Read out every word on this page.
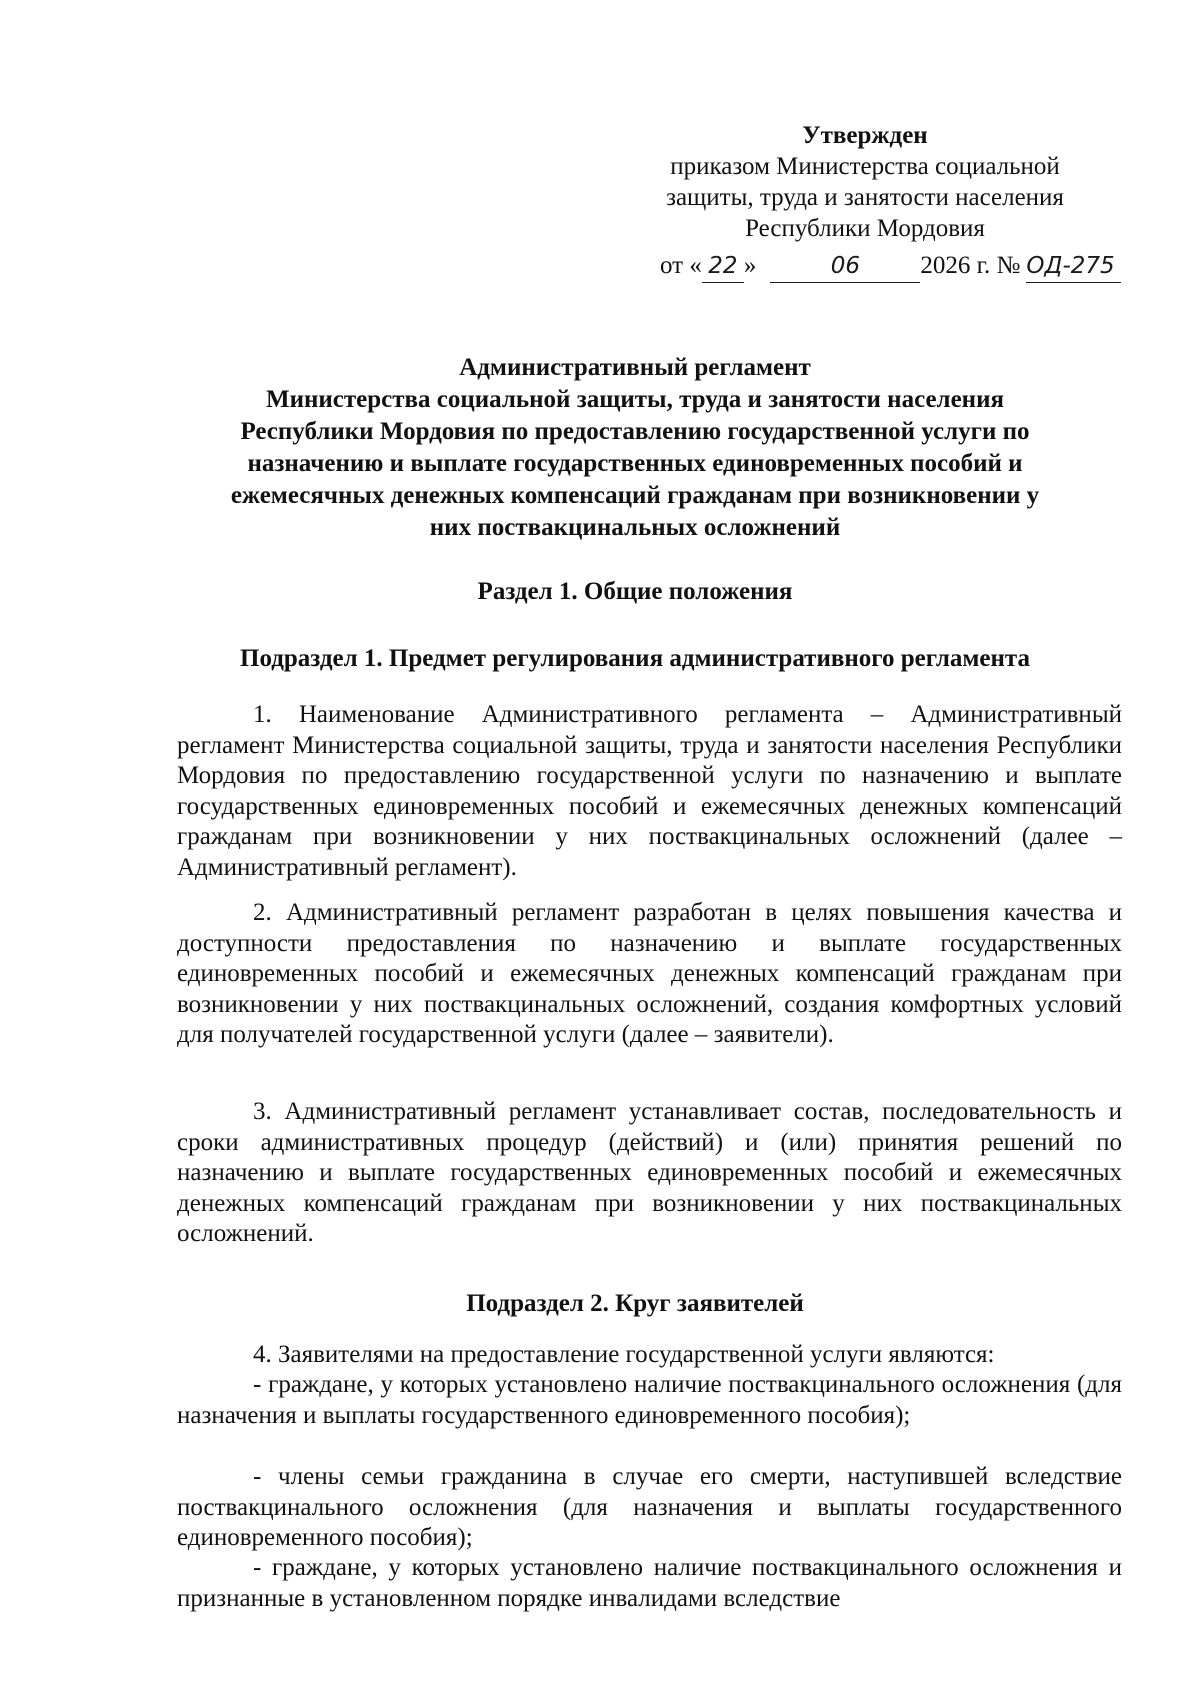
Утвержден
приказом Министерства социальной
защиты, труда и занятости населения
Республики Мордовия
от « 22 »	06 2026 г. № ОД-275
Административный регламент
Министерства социальной защиты, труда и занятости населения
Республики Мордовия по предоставлению государственной услуги по
назначению и выплате государственных единовременных пособий и
ежемесячных денежных компенсаций гражданам при возникновении у
них поствакцинальных осложнений
Раздел 1. Общие положения
Подраздел 1. Предмет регулирования административного регламента
1. Наименование Административного регламента – Административный регламент Министерства социальной защиты, труда и занятости населения Республики Мордовия по предоставлению государственной услуги по назначению и выплате государственных единовременных пособий и ежемесячных денежных компенсаций гражданам при возникновении у них поствакцинальных осложнений (далее – Административный регламент).
2. Административный регламент разработан в целях повышения качества и доступности предоставления по назначению и выплате государственных единовременных пособий и ежемесячных денежных компенсаций гражданам при возникновении у них поствакцинальных осложнений, создания комфортных условий для получателей государственной услуги (далее – заявители).
3. Административный регламент устанавливает состав, последовательность и сроки административных процедур (действий) и (или) принятия решений по назначению и выплате государственных единовременных пособий и ежемесячных денежных компенсаций гражданам при возникновении у них поствакцинальных осложнений.
Подраздел 2. Круг заявителей
4. Заявителями на предоставление государственной услуги являются:
- граждане, у которых установлено наличие поствакцинального осложнения (для назначения и выплаты государственного единовременного пособия);
- члены семьи гражданина в случае его смерти, наступившей вследствие поствакцинального осложнения (для назначения и выплаты государственного единовременного пособия);
- граждане, у которых установлено наличие поствакцинального осложнения и признанные в установленном порядке инвалидами вследствие
